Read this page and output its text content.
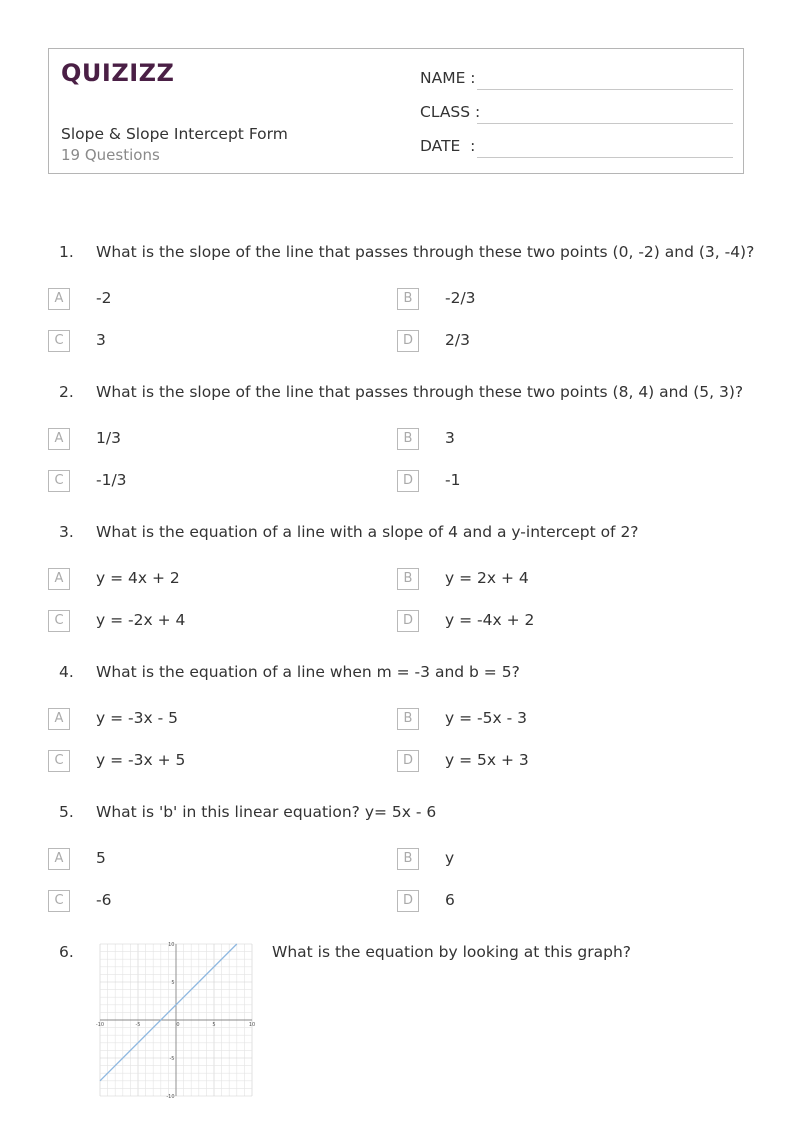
QUIZIZZ
Slope & Slope Intercept Form
19 Questions
NAME :
CLASS :
DATE  :
1. What is the slope of the line that passes through these two points (0, -2) and (3, -4)?
A	-2	B	-2/3
C	3	D	2/3
2. What is the slope of the line that passes through these two points (8, 4) and (5, 3)?
A	1/3	B	3
C	-1/3	D	-1
3. What is the equation of a line with a slope of 4 and a y-intercept of 2?
A	y = 4x + 2	B	y = 2x + 4
C	y = -2x + 4	D	y = -4x + 2
4. What is the equation of a line when m = -3 and b = 5?
A	y = -3x - 5	B	y = -5x - 3
C	y = -3x + 5	D	y = 5x + 3
5. What is 'b' in this linear equation? y= 5x - 6
A	5	B	y
C	-6	D	6
6.	What is the equation by looking at this graph?
-10	-5	0	5	10
10
5
-5
-10
